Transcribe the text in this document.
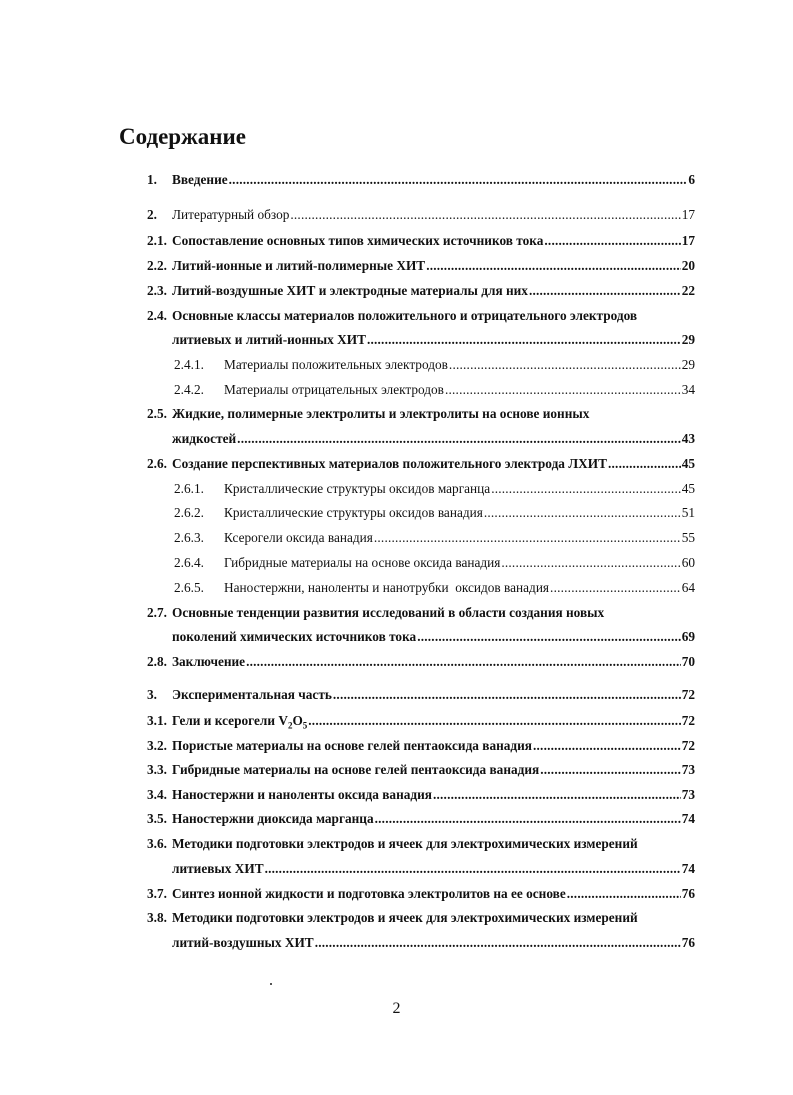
Содержание
1.	Введение .....	6
2.	Литературный обзор .....	17
2.1. Сопоставление основных типов химических источников тока .....	17
2.2. Литий-ионные и литий-полимерные ХИТ .....	20
2.3. Литий-воздушные ХИТ и электродные материалы для них .....	22
2.4. Основные классы материалов положительного и отрицательного электродов
литиевых и литий-ионных ХИТ .....	29
2.4.1.	Материалы положительных электродов .....	29
2.4.2.	Материалы отрицательных электродов .....	34
2.5. Жидкие, полимерные электролиты и электролиты на основе ионных
жидкостей .....	43
2.6. Создание перспективных материалов положительного электрода ЛХИТ .....	45
2.6.1.	Кристаллические структуры оксидов марганца .....	45
2.6.2.	Кристаллические структуры оксидов ванадия .....	51
2.6.3.	Ксерогели оксида ванадия .....	55
2.6.4.	Гибридные материалы на основе оксида ванадия .....	60
2.6.5.	Наностержни, наноленты и нанотрубки  оксидов ванадия .....	64
2.7. Основные тенденции развития исследований в области создания новых
поколений химических источников тока .....	69
2.8. Заключение .....	70
3.	Экспериментальная часть .....	72
3.1. Гели и ксерогели $V_2O_5$ .....	72
3.2. Пористые материалы на основе гелей пентаоксида ванадия .....	72
3.3. Гибридные материалы на основе гелей пентаоксида ванадия .....	73
3.4. Наностержни и наноленты оксида ванадия .....	73
3.5. Наностержни диоксида марганца .....	74
3.6. Методики подготовки электродов и ячеек для электрохимических измерений
литиевых ХИТ .....	74
3.7. Синтез ионной жидкости и подготовка электролитов на ее основе .....	76
3.8. Методики подготовки электродов и ячеек для электрохимических измерений
литий-воздушных ХИТ .....	76
2
